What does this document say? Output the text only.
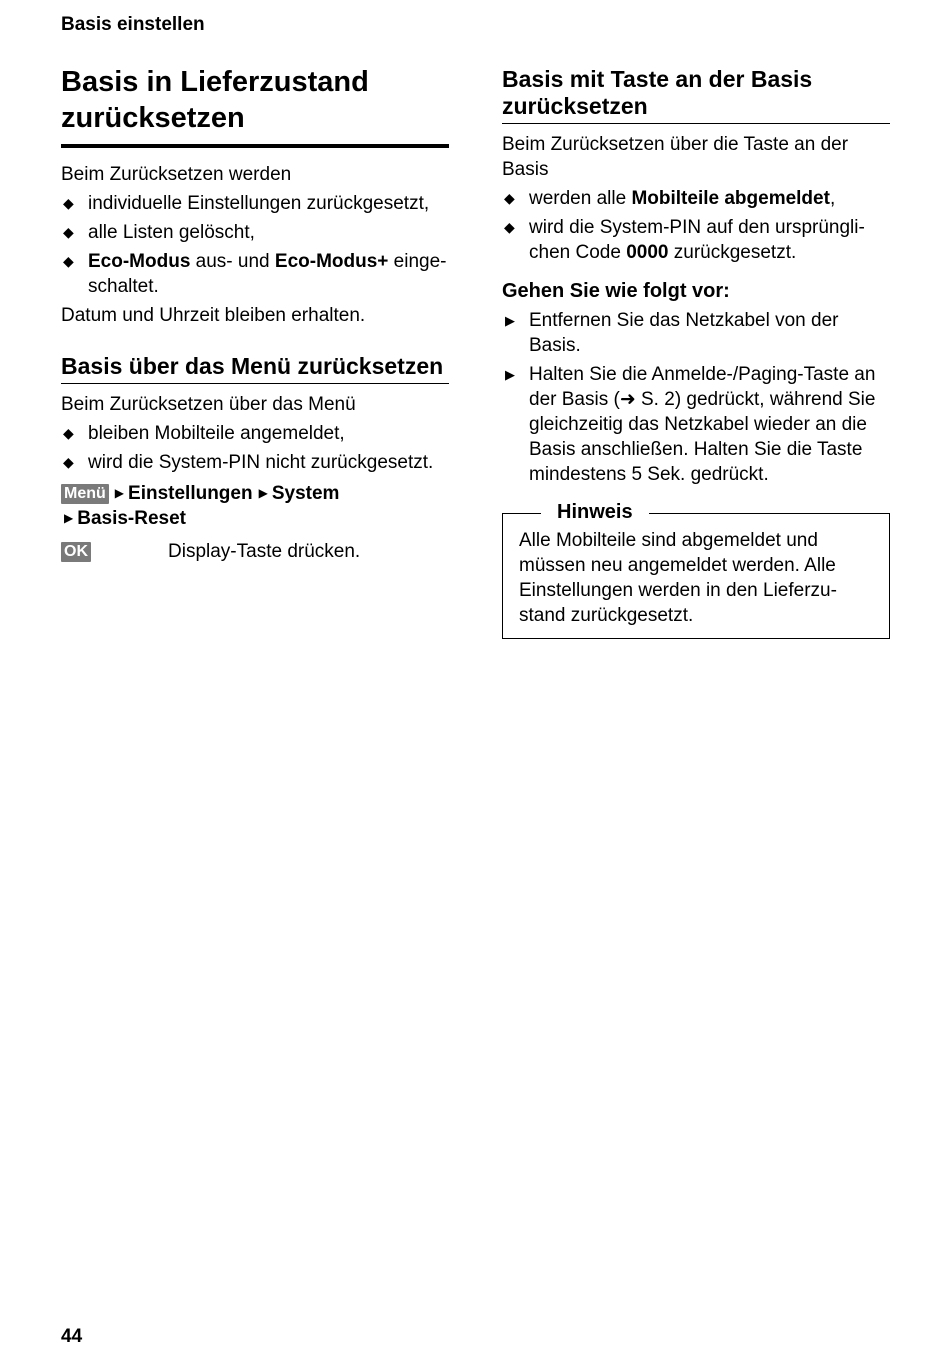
Basis einstellen
Basis in Lieferzustand zurücksetzen

Beim Zurücksetzen werden

◆ individuelle Einstellungen zurückgesetzt,
◆ alle Listen gelöscht,
◆ Eco-Modus aus- und Eco-Modus+ einge-schaltet.

Datum und Uhrzeit bleiben erhalten.

Basis über das Menü zurücksetzen

Beim Zurücksetzen über das Menü

◆ bleiben Mobilteile angemeldet,
◆ wird die System-PIN nicht zurückgesetzt.

Menü ▶ Einstellungen ▶ System

▶ Basis-Reset

OK	Display-Taste drücken.
Basis mit Taste an der Basis zurücksetzen

Beim Zurücksetzen über die Taste an der Basis

◆ werden alle Mobilteile abgemeldet,
◆ wird die System-PIN auf den ursprüngli-chen Code 0000 zurückgesetzt.
Gehen Sie wie folgt vor:
▶ Entfernen Sie das Netzkabel von der Basis.
▶ Halten Sie die Anmelde-/Paging-Taste an der Basis (➜ S. 2) gedrückt, während Sie gleichzeitig das Netzkabel wieder an die Basis anschließen. Halten Sie die Taste mindestens 5 Sek. gedrückt.
Hinweis

Alle Mobilteile sind abgemeldet und müssen neu angemeldet werden. Alle Einstellungen werden in den Lieferzu-stand zurückgesetzt.

44
